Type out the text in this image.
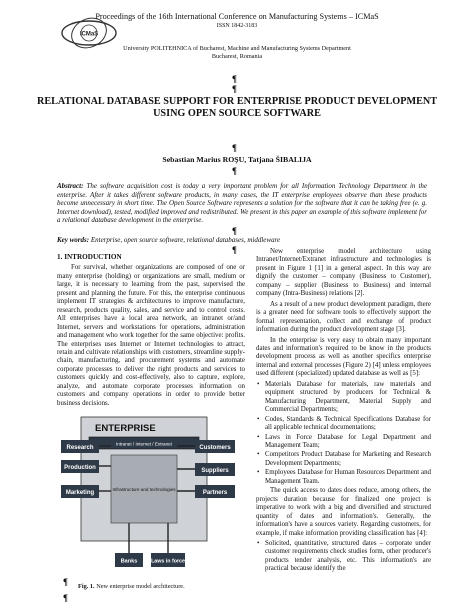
ICMaS
Proceedings of the 16th International Conference on Manufacturing Systems – ICMaS
ISSN 1842-3183
University POLITEHNICA of Bucharest, Machine and Manufacturing Systems Department
Bucharest, Romania
¶
¶
¶
¶
¶
¶
¶
¶
RELATIONAL DATABASE SUPPORT FOR ENTERPRISE PRODUCT DEVELOPMENT USING OPEN SOURCE SOFTWARE
Sebastian Marius ROŞU, Tatjana ŠIBALIJA
Abstract: The software acquisition cost is today a very important problem for all Information Technology Department in the enterprise. After it takes different software products, in many cases, the IT enterprise employees observe than these products become unnecessary in short time. The Open Source Software represents a solution for the software that it can be taking free (e. g. Internet download), tested, modified improved and redistributed. We present in this paper an example of this software implement for a relational database development in the enterprise.
Key words: Enterprise, open source software, relational databases, middleware
1. INTRODUCTION

For survival, whether organizations are composed of one or many enterprise (holding) or organizations are small, medium or large, it is necessary to learning from the past, supervised the present and planning the future. For this, the enterprise continuous implement IT strategies & architectures to improve manufacture, research, products quality, sales, and service and to control costs. All enterprises have a local area network, an intranet or/and Internet, servers and workstations for operations, administration and management who work together for the same objective: profits. The enterprises uses Internet or Internet technologies to attract, retain and cultivate relationships with customers, streamline supply-chain, manufacturing, and procurement systems and automate corporate processes to deliver the right products and services to customers quickly and cost-effectively, also to capture, explore, analyze, and automate corporate processes information on customers and company operations in order to provide better business decisions.

ENTERPRISE
Intranet / Internet / Extranet
Infrastructure and technologies
Research
Production
Marketing
Customers
Suppliers
Partners
Banks	Laws in force
Fig. 1. New enterprise model architecture.

New enterprise model architecture using Intranet/Internet/Extranet infrastructure and technologies is present in Figure 1 [1] in a general aspect. In this way are dignify the customer – company (Business to Customer), company – supplier (Business to Business) and internal company (Intra-Business) relations [2].

As a result of a new product development paradigm, there is a greater need for software tools to effectively support the formal representation, collect and exchange of product information during the product development stage [3].

In the enterprise is very easy to obtain many important dates and information's required to be know in the products development process as well as another specifics enterprise internal and external processes (Figure 2) [4] unless employees used different (specialized) updated database as well as [5]:

• Materials Database for materials, raw materials and equipment structured by producers for Technical & Manufacturing Department, Material Supply and Commercial Departments;
• Codes, Standards & Technical Specifications Database for all applicable technical documentations;
• Laws in Force Database for Legal Department and Management Team;
• Competitors Product Database for Marketing and Research Development Departments;
• Employees Database for Human Resources Department and Management Team.

The quick access to dates does reduce, among others, the projects duration because for finalized one project is imperative to work with a big and diversified and structured quantity of dates and information's. Generally, the information's have a sources variety. Regarding customers, for example, if make information providing classification has [4]:

• Solicited, quantitative, structured dates – corporate under customer requirements check studies form, other producer's products tender analysis, etc. This information's are practical because identify the
